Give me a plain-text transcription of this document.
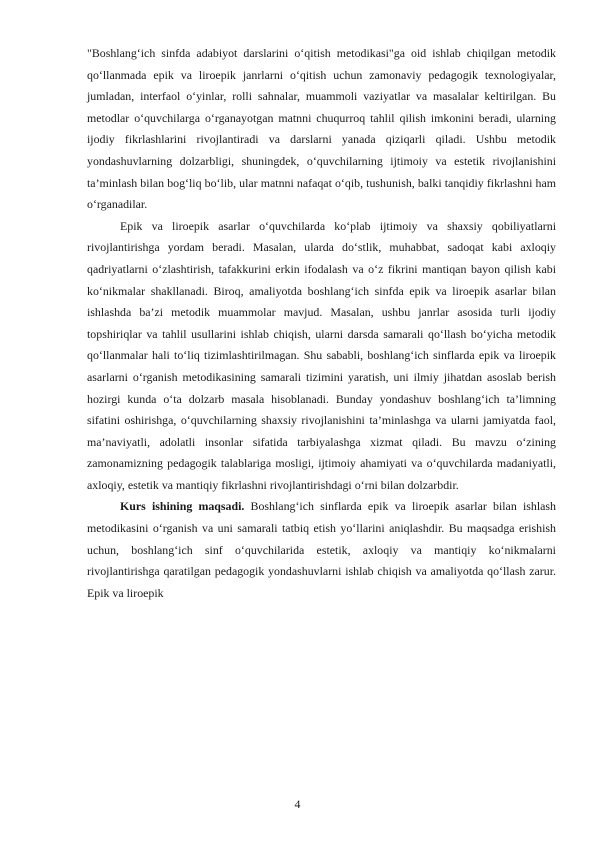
"Boshlang‘ich sinfda adabiyot darslarini o‘qitish metodikasi"ga oid ishlab chiqilgan metodik qo‘llanmada epik va liroepik janrlarni o‘qitish uchun zamonaviy pedagogik texnologiyalar, jumladan, interfaol o‘yinlar, rolli sahnalar, muammoli vaziyatlar va masalalar keltirilgan. Bu metodlar o‘quvchilarga o‘rganayotgan matnni chuqurroq tahlil qilish imkonini beradi, ularning ijodiy fikrlashlarini rivojlantiradi va darslarni yanada qiziqarli qiladi. Ushbu metodik yondashuvlarning dolzarbligi, shuningdek, o‘quvchilarning ijtimoiy va estetik rivojlanishini ta’minlash bilan bog‘liq bo‘lib, ular matnni nafaqat o‘qib, tushunish, balki tanqidiy fikrlashni ham o‘rganadilar.

Epik va liroepik asarlar o‘quvchilarda ko‘plab ijtimoiy va shaxsiy qobiliyatlarni rivojlantirishga yordam beradi. Masalan, ularda do‘stlik, muhabbat, sadoqat kabi axloqiy qadriyatlarni o‘zlashtirish, tafakkurini erkin ifodalash va o‘z fikrini mantiqan bayon qilish kabi ko‘nikmalar shakllanadi. Biroq, amaliyotda boshlang‘ich sinfda epik va liroepik asarlar bilan ishlashda ba’zi metodik muammolar mavjud. Masalan, ushbu janrlar asosida turli ijodiy topshiriqlar va tahlil usullarini ishlab chiqish, ularni darsda samarali qo‘llash bo‘yicha metodik qo‘llanmalar hali to‘liq tizimlashtirilmagan. Shu sababli, boshlang‘ich sinflarda epik va liroepik asarlarni o‘rganish metodikasining samarali tizimini yaratish, uni ilmiy jihatdan asoslab berish hozirgi kunda o‘ta dolzarb masala hisoblanadi. Bunday yondashuv boshlang‘ich ta’limning sifatini oshirishga, o‘quvchilarning shaxsiy rivojlanishini ta’minlashga va ularni jamiyatda faol, ma’naviyatli, adolatli insonlar sifatida tarbiyalashga xizmat qiladi. Bu mavzu o‘zining zamonamizning pedagogik talablariga mosligi, ijtimoiy ahamiyati va o‘quvchilarda madaniyatli, axloqiy, estetik va mantiqiy fikrlashni rivojlantirishdagi o‘rni bilan dolzarbdir.

Kurs ishining maqsadi. Boshlang‘ich sinflarda epik va liroepik asarlar bilan ishlash metodikasini o‘rganish va uni samarali tatbiq etish yo‘llarini aniqlashdir. Bu maqsadga erishish uchun, boshlang‘ich sinf o‘quvchilarida estetik, axloqiy va mantiqiy ko‘nikmalarni rivojlantirishga qaratilgan pedagogik yondashuvlarni ishlab chiqish va amaliyotda qo‘llash zarur. Epik va liroepik

4
